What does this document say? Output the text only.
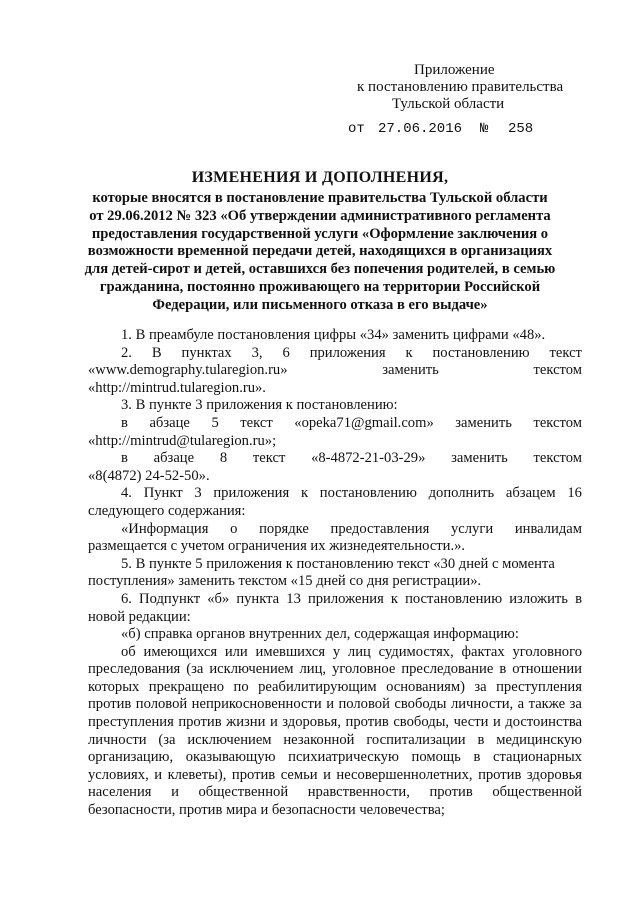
Приложение
к постановлению правительства
Тульской области
от 27.06.2016 № 258
ИЗМЕНЕНИЯ И ДОПОЛНЕНИЯ,
которые вносятся в постановление правительства Тульской области
от 29.06.2012 № 323 «Об утверждении административного регламента
предоставления государственной услуги «Оформление заключения о
возможности временной передачи детей, находящихся в организациях
для детей-сирот и детей, оставшихся без попечения родителей, в семью
гражданина, постоянно проживающего на территории Российской
Федерации, или письменного отказа в его выдаче»
1. В преамбуле постановления цифры «34» заменить цифрами «48».
2. В пунктах 3, 6 приложения к постановлению текст
«www.demography.tularegion.ru»	заменить	текстом
«http://mintrud.tularegion.ru».
3. В пункте 3 приложения к постановлению:
в абзаце 5 текст «opeka71@gmail.com» заменить текстом
«http://mintrud@tularegion.ru»;
в абзаце 8 текст «8-4872-21-03-29» заменить текстом
«8(4872) 24-52-50».
4. Пункт 3 приложения к постановлению дополнить абзацем 16
следующего содержания:
«Информация о порядке предоставления услуги инвалидам
размещается с учетом ограничения их жизнедеятельности.».
5. В пункте 5 приложения к постановлению текст «30 дней с момента
поступления» заменить текстом «15 дней со дня регистрации».
6. Подпункт «б» пункта 13 приложения к постановлению изложить в
новой редакции:
«б) справка органов внутренних дел, содержащая информацию:
об имеющихся или имевшихся у лиц судимостях, фактах уголовного
преследования (за исключением лиц, уголовное преследование в отношении
которых прекращено по реабилитирующим основаниям) за преступления
против половой неприкосновенности и половой свободы личности, а также за
преступления против жизни и здоровья, против свободы, чести и достоинства
личности (за исключением незаконной госпитализации в медицинскую
организацию, оказывающую психиатрическую помощь в стационарных
условиях, и клеветы), против семьи и несовершеннолетних, против здоровья
населения и общественной нравственности, против общественной
безопасности, против мира и безопасности человечества;
